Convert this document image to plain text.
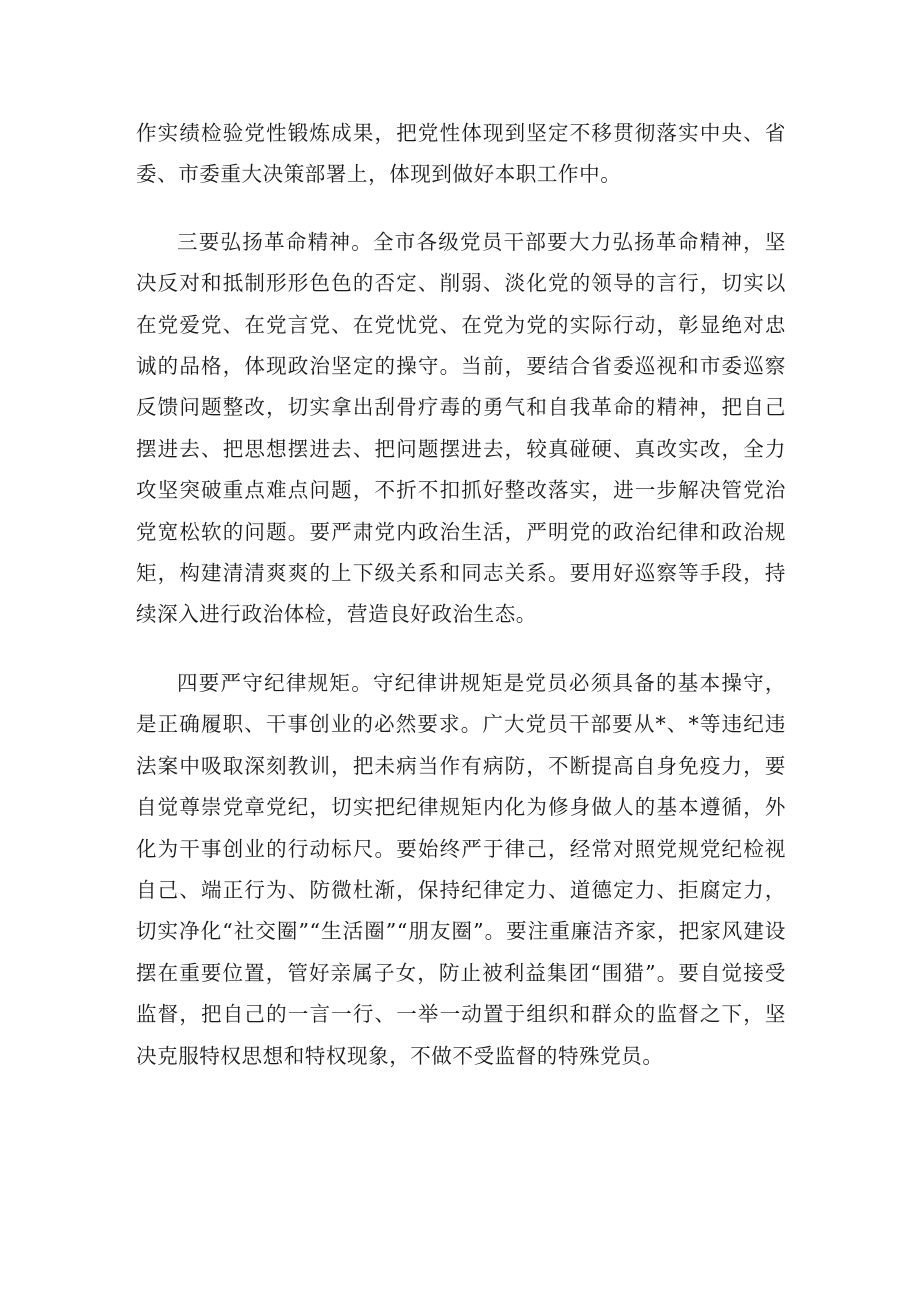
作实绩检验党性锻炼成果，把党性体现到坚定不移贯彻落实中央、省委、市委重大决策部署上，体现到做好本职工作中。

三要弘扬革命精神。全市各级党员干部要大力弘扬革命精神，坚决反对和抵制形形色色的否定、削弱、淡化党的领导的言行，切实以在党爱党、在党言党、在党忧党、在党为党的实际行动，彰显绝对忠诚的品格，体现政治坚定的操守。当前，要结合省委巡视和市委巡察反馈问题整改，切实拿出刮骨疗毒的勇气和自我革命的精神，把自己摆进去、把思想摆进去、把问题摆进去，较真碰硬、真改实改，全力攻坚突破重点难点问题，不折不扣抓好整改落实，进一步解决管党治党宽松软的问题。要严肃党内政治生活，严明党的政治纪律和政治规矩，构建清清爽爽的上下级关系和同志关系。要用好巡察等手段，持续深入进行政治体检，营造良好政治生态。

四要严守纪律规矩。守纪律讲规矩是党员必须具备的基本操守，是正确履职、干事创业的必然要求。广大党员干部要从*、*等违纪违法案中吸取深刻教训，把未病当作有病防，不断提高自身免疫力，要自觉尊崇党章党纪，切实把纪律规矩内化为修身做人的基本遵循，外化为干事创业的行动标尺。要始终严于律己，经常对照党规党纪检视自己、端正行为、防微杜渐，保持纪律定力、道德定力、拒腐定力，切实净化“社交圈”“生活圈”“朋友圈”。要注重廉洁齐家，把家风建设摆在重要位置，管好亲属子女，防止被利益集团“围猎”。要自觉接受监督，把自己的一言一行、一举一动置于组织和群众的监督之下，坚决克服特权思想和特权现象，不做不受监督的特殊党员。
